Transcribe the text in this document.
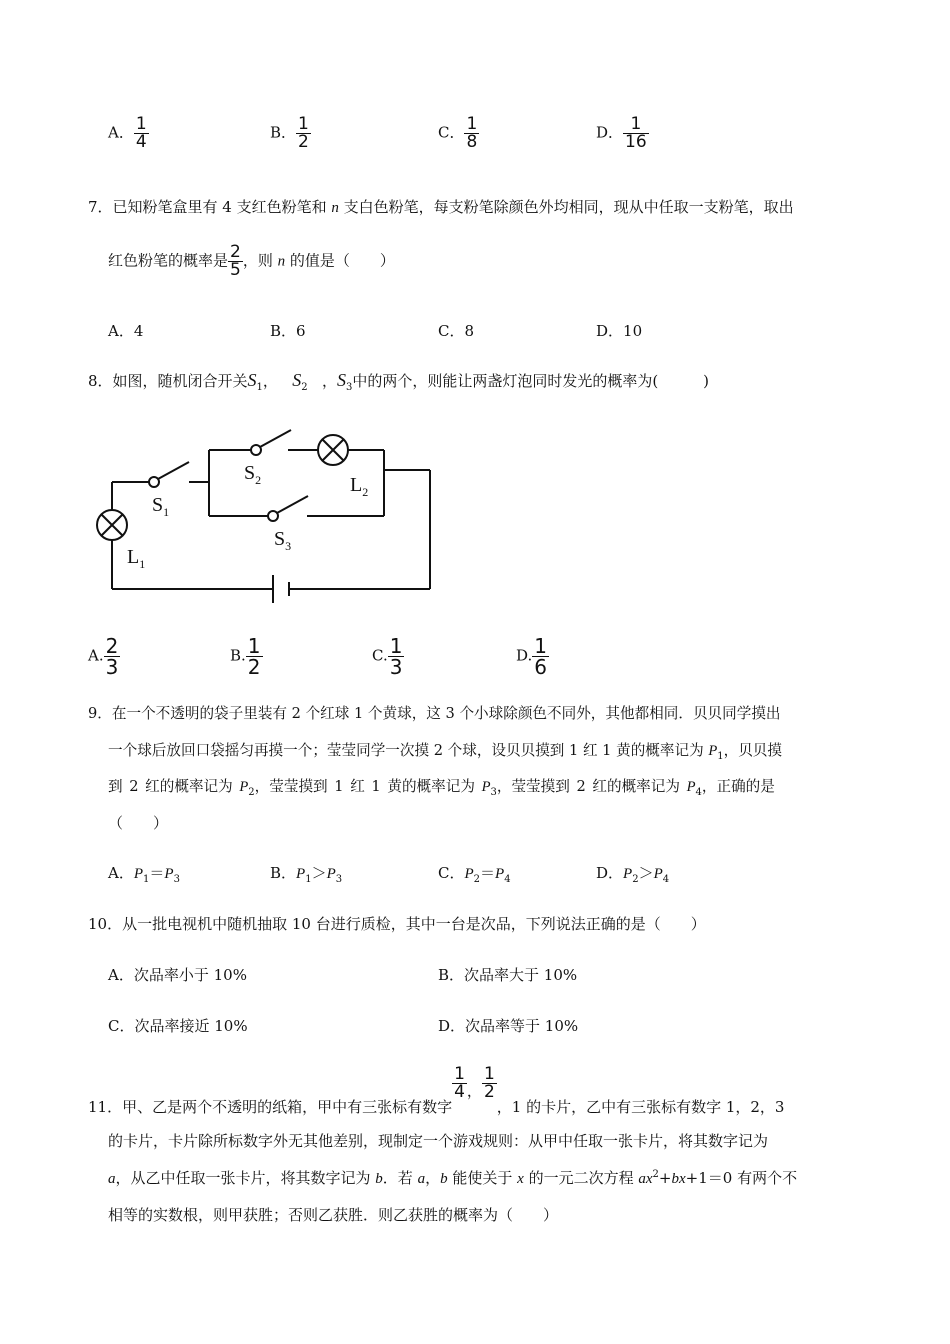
A． $\frac{1}{4}$	B． $\frac{1}{2}$	C． $\frac{1}{8}$	D． $\frac{1}{16}$
7．已知粉笔盒里有 4 支红色粉笔和 n 支白色粉笔，每支粉笔除颜色外均相同，现从中任取一支粉笔，取出
红色粉笔的概率是 $\frac{2}{5}$ ，则 n 的值是（　　）
A．4	B．6	C．8	D．10
8．如图，随机闭合开关$S_1$， $S_2$ ，$S_3$中的两个，则能让两盏灯泡同时发光的概率为(　　　)
$S_1$
$S_2$
$S_3$
$L_1$
$L_2$
A. $\frac{2}{3}$	B. $\frac{1}{2}$	C. $\frac{1}{3}$	D. $\frac{1}{6}$
9．在一个不透明的袋子里装有 2 个红球 1 个黄球，这 3 个小球除颜色不同外，其他都相同．贝贝同学摸出
一个球后放回口袋摇匀再摸一个；莹莹同学一次摸 2 个球，设贝贝摸到 1 红 1 黄的概率记为 $P_1$，贝贝摸
到 2 红的概率记为 $P_2$，莹莹摸到 1 红 1 黄的概率记为 $P_3$，莹莹摸到 2 红的概率记为 $P_4$，正确的是
（　　）
A．$P_1=P_3$	B．$P_1>P_3$	C．$P_2=P_4$	D．$P_2>P_4$
10．从一批电视机中随机抽取 10 台进行质检，其中一台是次品，下列说法正确的是（　　）
A．次品率小于 10%	B．次品率大于 10%
C．次品率接近 10%	D．次品率等于 10%
11．甲、乙是两个不透明的纸箱，甲中有三张标有数字
$\frac{1}{4}$ ， $\frac{1}{2}$
，1 的卡片，乙中有三张标有数字 1，2，3
的卡片，卡片除所标数字外无其他差别，现制定一个游戏规则：从甲中任取一张卡片，将其数字记为
a，从乙中任取一张卡片，将其数字记为 b．若 a，b 能使关于 x 的一元二次方程 $ax^2+bx+1=0$ 有两个不
相等的实数根，则甲获胜；否则乙获胜．则乙获胜的概率为（　　）
